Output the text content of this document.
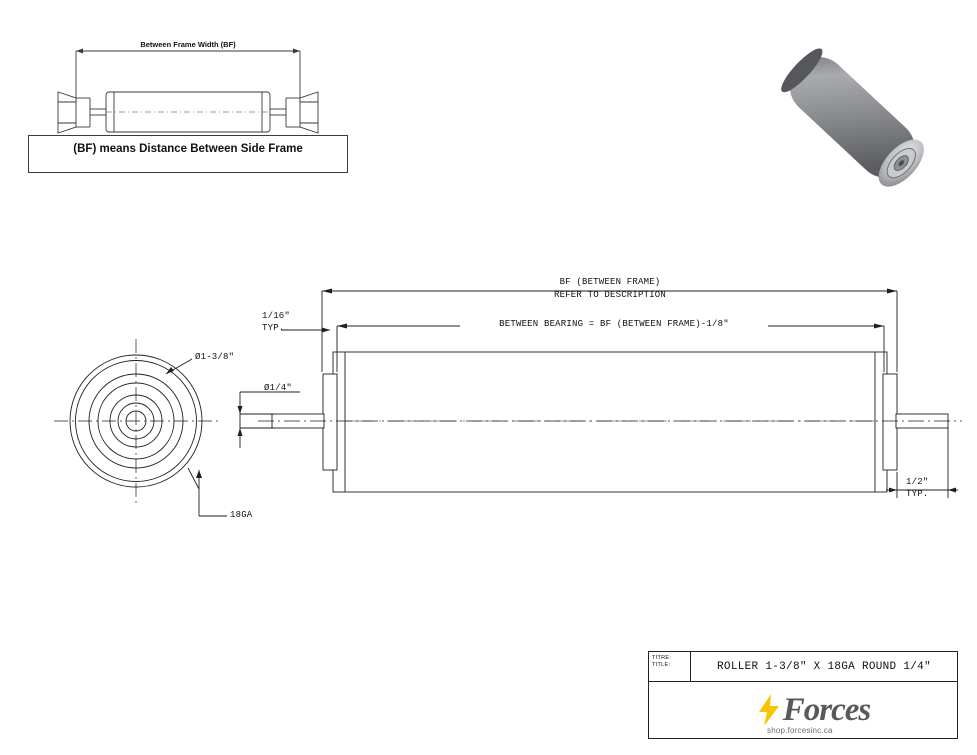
Between Frame Width (BF)
(BF) means Distance Between Side Frame
BF (BETWEEN FRAME)
REFER TO DESCRIPTION
BETWEEN BEARING = BF (BETWEEN FRAME)-1/8"
1/16"
TYP.
Ø1/4"
1/2"
TYP.
Ø1-3/8"
18GA
TITRE:
TITLE:	ROLLER 1-3/8" X 18GA ROUND 1/4"
Forces
shop.forcesinc.ca
